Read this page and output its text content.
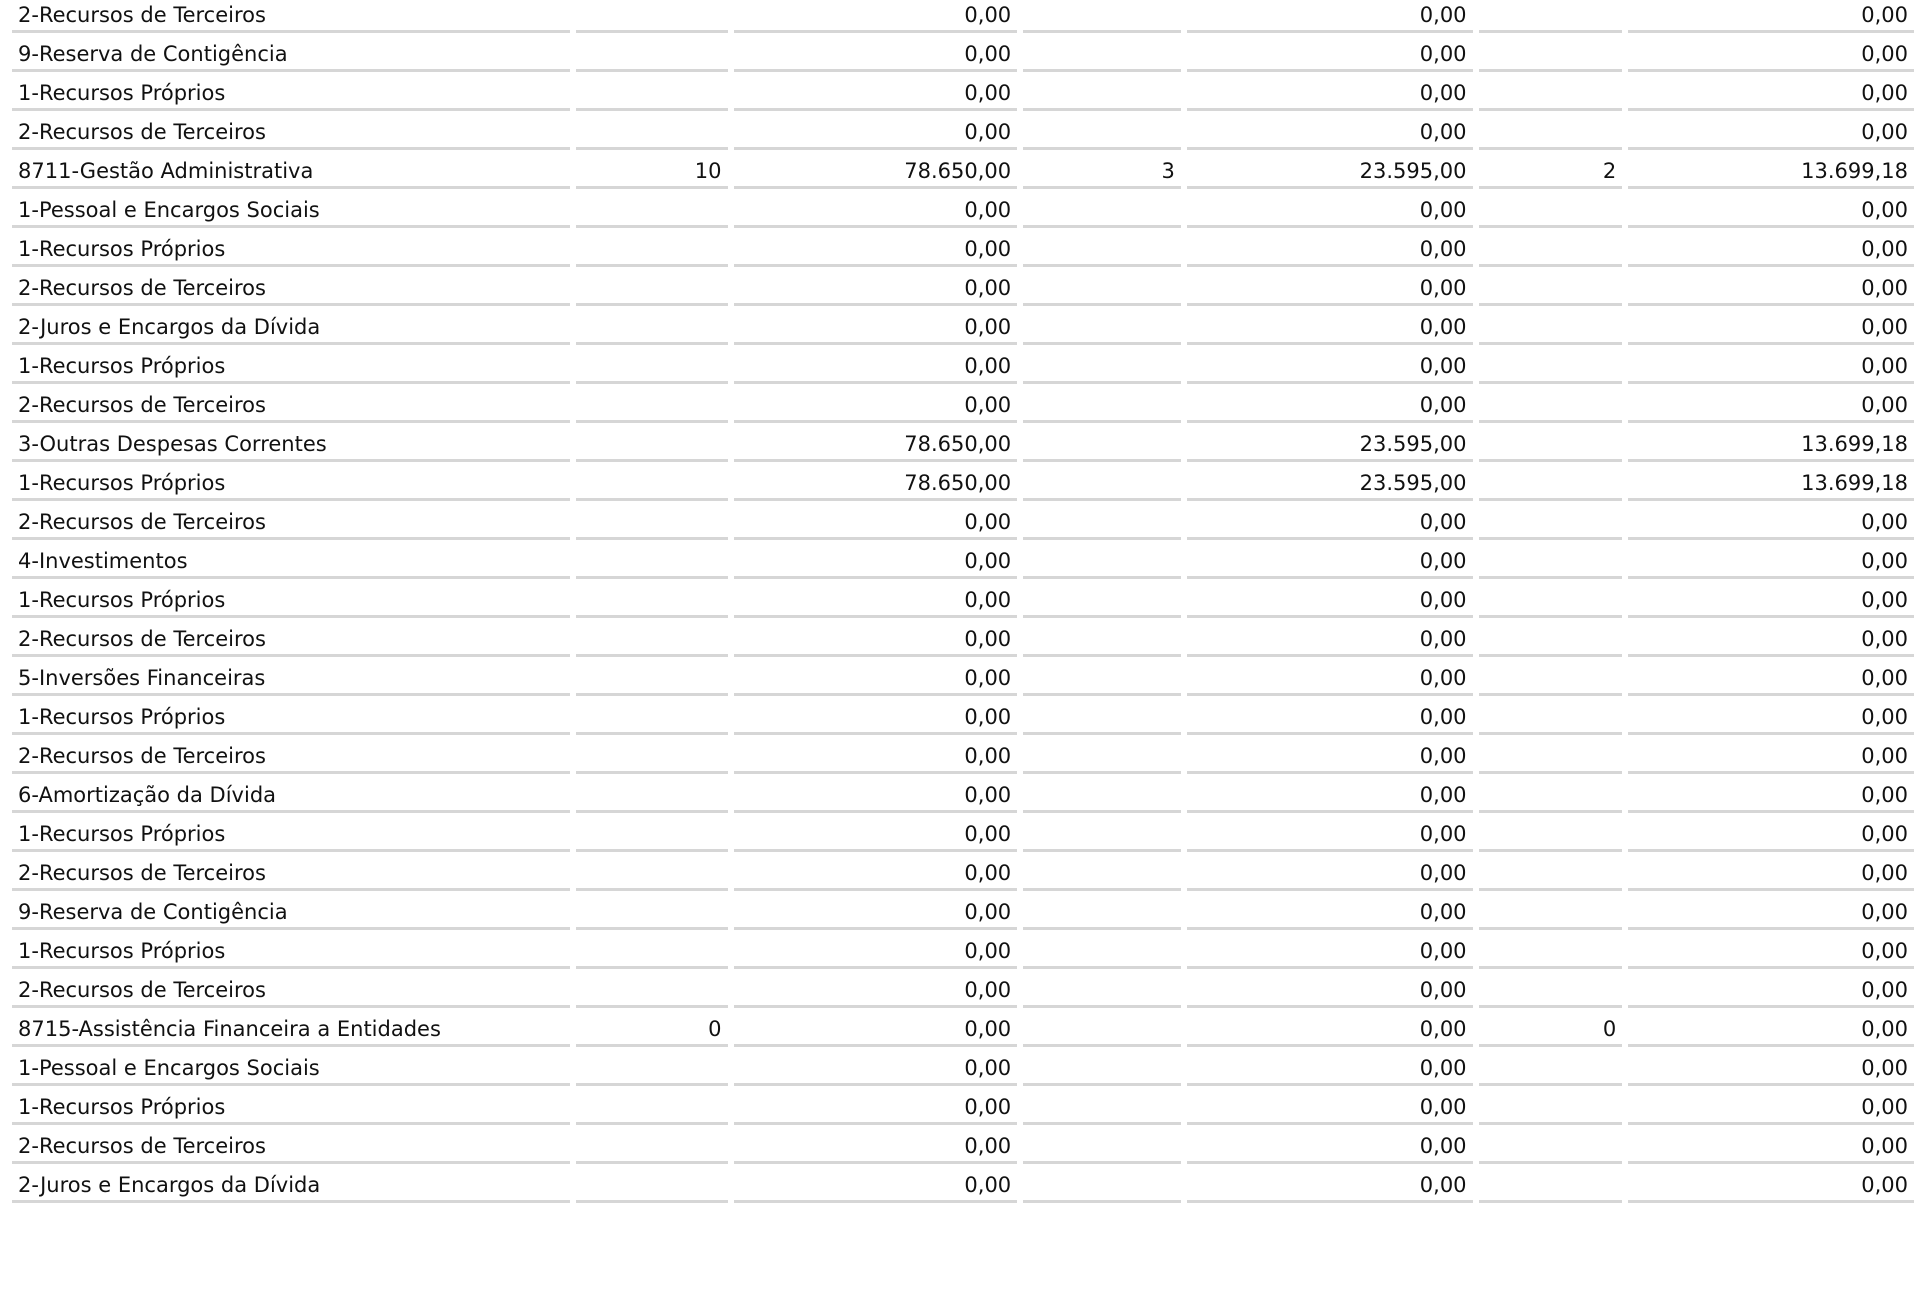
2-Recursos de Terceiros		0,00		0,00		0,00
9-Reserva de Contigência		0,00		0,00		0,00
1-Recursos Próprios		0,00		0,00		0,00
2-Recursos de Terceiros		0,00		0,00		0,00
8711-Gestão Administrativa	10	78.650,00	3	23.595,00	2	13.699,18
1-Pessoal e Encargos Sociais		0,00		0,00		0,00
1-Recursos Próprios		0,00		0,00		0,00
2-Recursos de Terceiros		0,00		0,00		0,00
2-Juros e Encargos da Dívida		0,00		0,00		0,00
1-Recursos Próprios		0,00		0,00		0,00
2-Recursos de Terceiros		0,00		0,00		0,00
3-Outras Despesas Correntes		78.650,00		23.595,00		13.699,18
1-Recursos Próprios		78.650,00		23.595,00		13.699,18
2-Recursos de Terceiros		0,00		0,00		0,00
4-Investimentos		0,00		0,00		0,00
1-Recursos Próprios		0,00		0,00		0,00
2-Recursos de Terceiros		0,00		0,00		0,00
5-Inversões Financeiras		0,00		0,00		0,00
1-Recursos Próprios		0,00		0,00		0,00
2-Recursos de Terceiros		0,00		0,00		0,00
6-Amortização da Dívida		0,00		0,00		0,00
1-Recursos Próprios		0,00		0,00		0,00
2-Recursos de Terceiros		0,00		0,00		0,00
9-Reserva de Contigência		0,00		0,00		0,00
1-Recursos Próprios		0,00		0,00		0,00
2-Recursos de Terceiros		0,00		0,00		0,00
8715-Assistência Financeira a Entidades	0	0,00		0,00	0	0,00
1-Pessoal e Encargos Sociais		0,00		0,00		0,00
1-Recursos Próprios		0,00		0,00		0,00
2-Recursos de Terceiros		0,00		0,00		0,00
2-Juros e Encargos da Dívida		0,00		0,00		0,00
